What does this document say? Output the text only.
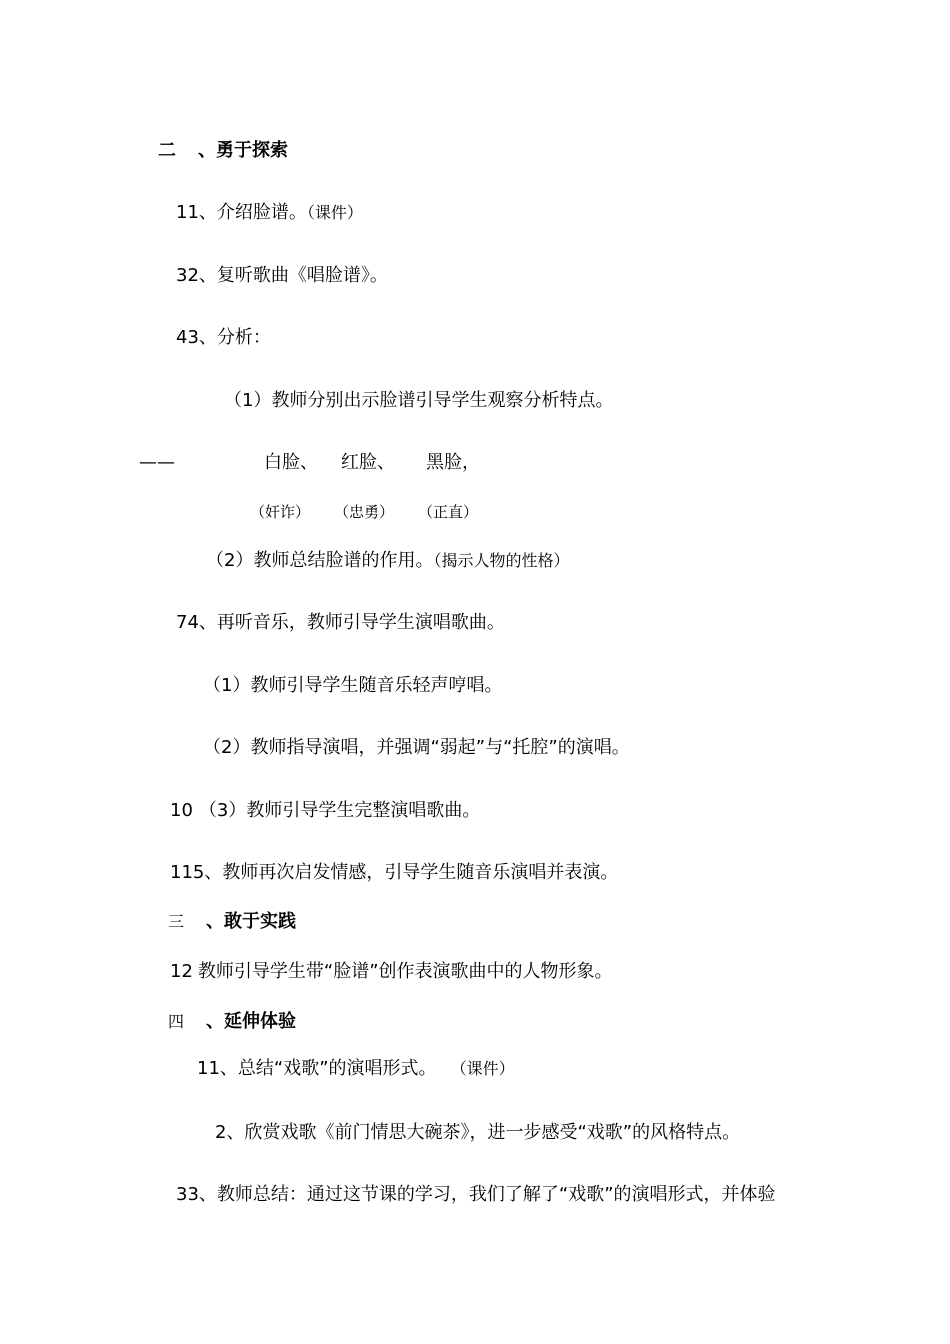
二 、勇于探索
11、介绍脸谱。（课件）
32、复听歌曲《唱脸谱》。
43、分析：
（1）教师分别出示脸谱引导学生观察分析特点。
——	白脸、 红脸、 黑脸，
（奸诈） （忠勇） （正直）
（2）教师总结脸谱的作用。（揭示人物的性格）
74、再听音乐，教师引导学生演唱歌曲。
（1）教师引导学生随音乐轻声哼唱。
（2）教师指导演唱，并强调“弱起”与“托腔”的演唱。
10 （3）教师引导学生完整演唱歌曲。
115、教师再次启发情感，引导学生随音乐演唱并表演。
三 、敢于实践
12 教师引导学生带“脸谱”创作表演歌曲中的人物形象。
四 、延伸体验
11、总结“戏歌”的演唱形式。 （课件）
2、欣赏戏歌《前门情思大碗茶》，进一步感受“戏歌”的风格特点。
33、教师总结：通过这节课的学习，我们了解了“戏歌”的演唱形式，并体验
